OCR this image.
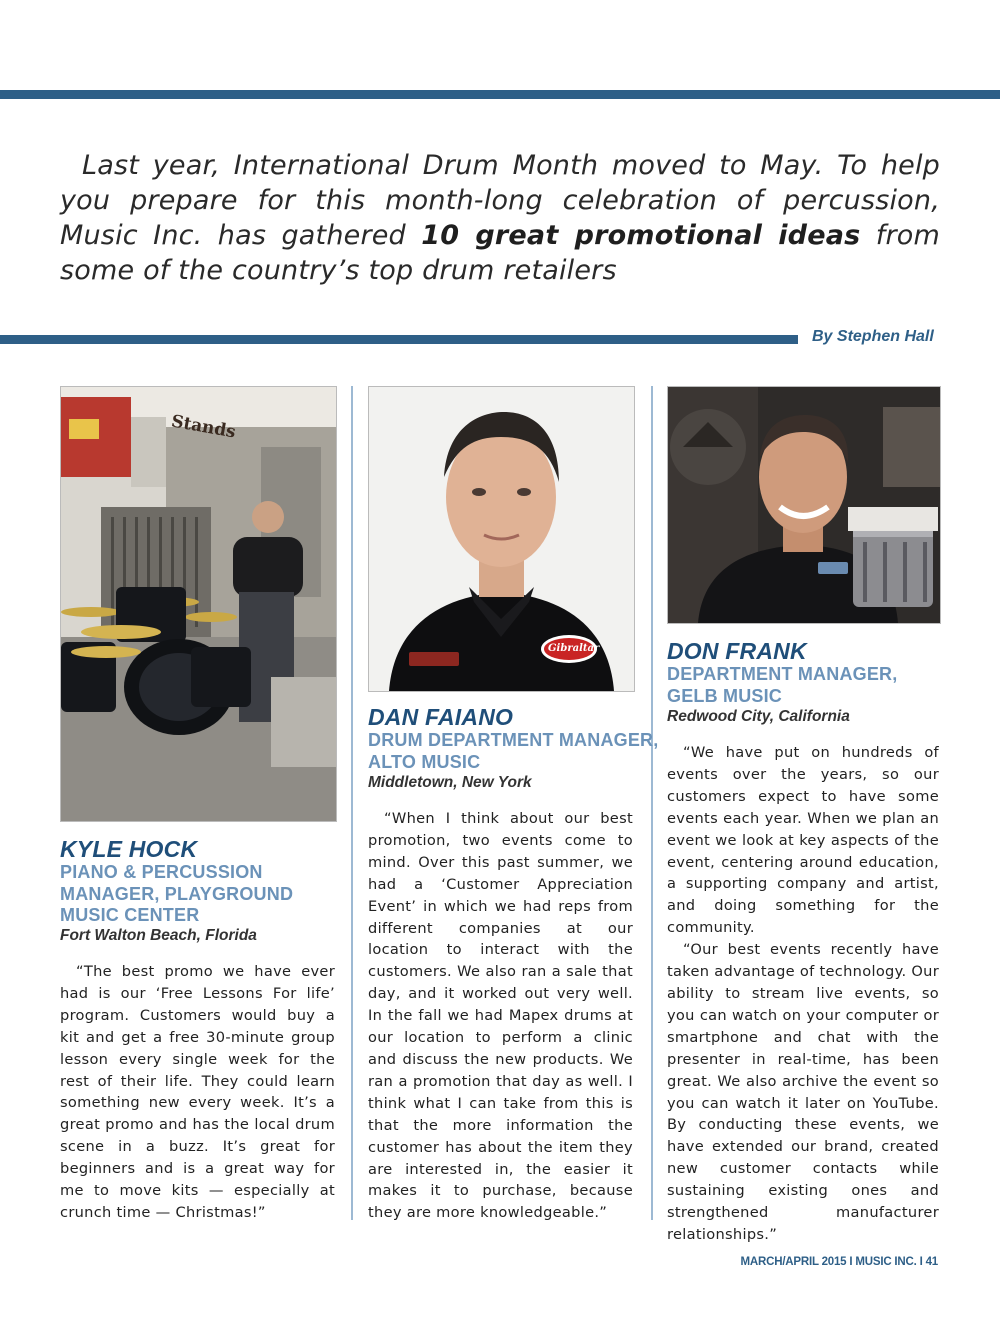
Last year, International Drum Month moved to May. To help you prepare for this month-long celebration of percussion, Music Inc. has gathered 10 great promotional ideas from some of the country’s top drum retailers
By Stephen Hall
Stands
Gibraltar
KYLE HOCK
PIANO & PERCUSSION
MANAGER, PLAYGROUND
MUSIC CENTER
Fort Walton Beach, Florida

“The best promo we have ever had is our ‘Free Lessons For life’ program. Customers would buy a kit and get a free 30-minute group lesson every single week for the rest of their life. They could learn something new every week. It’s a great promo and has the local drum scene in a buzz. It’s great for beginners and is a great way for me to move kits — especially at crunch time — Christmas!”

DAN FAIANO
DRUM DEPARTMENT MANAGER,
ALTO MUSIC
Middletown, New York

“When I think about our best promotion, two events come to mind. Over this past summer, we had a ‘Customer Appreciation Event’ in which we had reps from different companies at our location to interact with the customers. We also ran a sale that day, and it worked out very well. In the fall we had Mapex drums at our location to perform a clinic and discuss the new products. We ran a promotion that day as well. I think what I can take from this is that the more information the customer has about the item they are interested in, the easier it makes it to purchase, because they are more knowledgeable.”

DON FRANK
DEPARTMENT MANAGER,
GELB MUSIC
Redwood City, California

“We have put on hundreds of events over the years, so our customers expect to have some events each year. When we plan an event we look at key aspects of the event, centering around education, a supporting company and artist, and doing something for the community.

“Our best events recently have taken advantage of technology. Our ability to stream live events, so you can watch on your computer or smartphone and chat with the presenter in real-time, has been great. We also archive the event so you can watch it later on YouTube. By conducting these events, we have extended our brand, created new customer contacts while sustaining existing ones and strengthened manufacturer relationships.”

MARCH/APRIL 2015 I MUSIC INC. I 41
